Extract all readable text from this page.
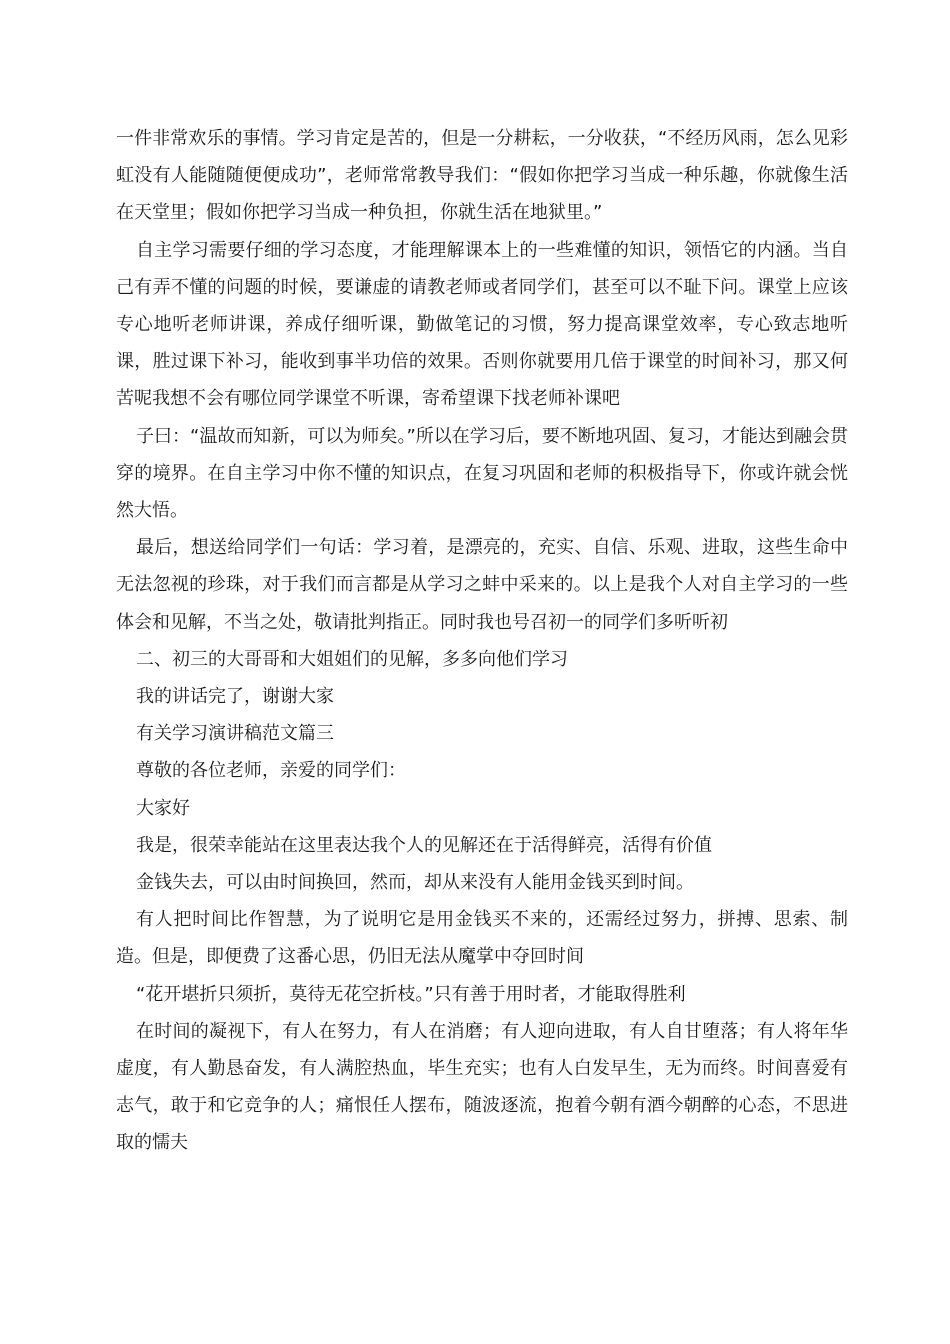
一件非常欢乐的事情。学习肯定是苦的，但是一分耕耘，一分收获，“不经历风雨，怎么见彩虹没有人能随随便便成功”，老师常常教导我们：“假如你把学习当成一种乐趣，你就像生活在天堂里；假如你把学习当成一种负担，你就生活在地狱里。”

自主学习需要仔细的学习态度，才能理解课本上的一些难懂的知识，领悟它的内涵。当自己有弄不懂的问题的时候，要谦虚的请教老师或者同学们，甚至可以不耻下问。课堂上应该专心地听老师讲课，养成仔细听课，勤做笔记的习惯，努力提高课堂效率，专心致志地听课，胜过课下补习，能收到事半功倍的效果。否则你就要用几倍于课堂的时间补习，那又何苦呢我想不会有哪位同学课堂不听课，寄希望课下找老师补课吧

子曰：“温故而知新，可以为师矣。”所以在学习后，要不断地巩固、复习，才能达到融会贯穿的境界。在自主学习中你不懂的知识点，在复习巩固和老师的积极指导下，你或许就会恍然大悟。

最后，想送给同学们一句话：学习着，是漂亮的，充实、自信、乐观、进取，这些生命中无法忽视的珍珠，对于我们而言都是从学习之蚌中采来的。以上是我个人对自主学习的一些体会和见解，不当之处，敬请批判指正。同时我也号召初一的同学们多听听初

二、初三的大哥哥和大姐姐们的见解，多多向他们学习

我的讲话完了，谢谢大家

有关学习演讲稿范文篇三

尊敬的各位老师，亲爱的同学们：

大家好

我是，很荣幸能站在这里表达我个人的见解还在于活得鲜亮，活得有价值

金钱失去，可以由时间换回，然而，却从来没有人能用金钱买到时间。

有人把时间比作智慧，为了说明它是用金钱买不来的，还需经过努力，拼搏、思索、制造。但是，即便费了这番心思，仍旧无法从魔掌中夺回时间

“花开堪折只须折，莫待无花空折枝。”只有善于用时者，才能取得胜利

在时间的凝视下，有人在努力，有人在消磨；有人迎向进取，有人自甘堕落；有人将年华虚度，有人勤恳奋发，有人满腔热血，毕生充实；也有人白发早生，无为而终。时间喜爱有志气，敢于和它竞争的人；痛恨任人摆布，随波逐流，抱着今朝有酒今朝醉的心态，不思进取的懦夫
